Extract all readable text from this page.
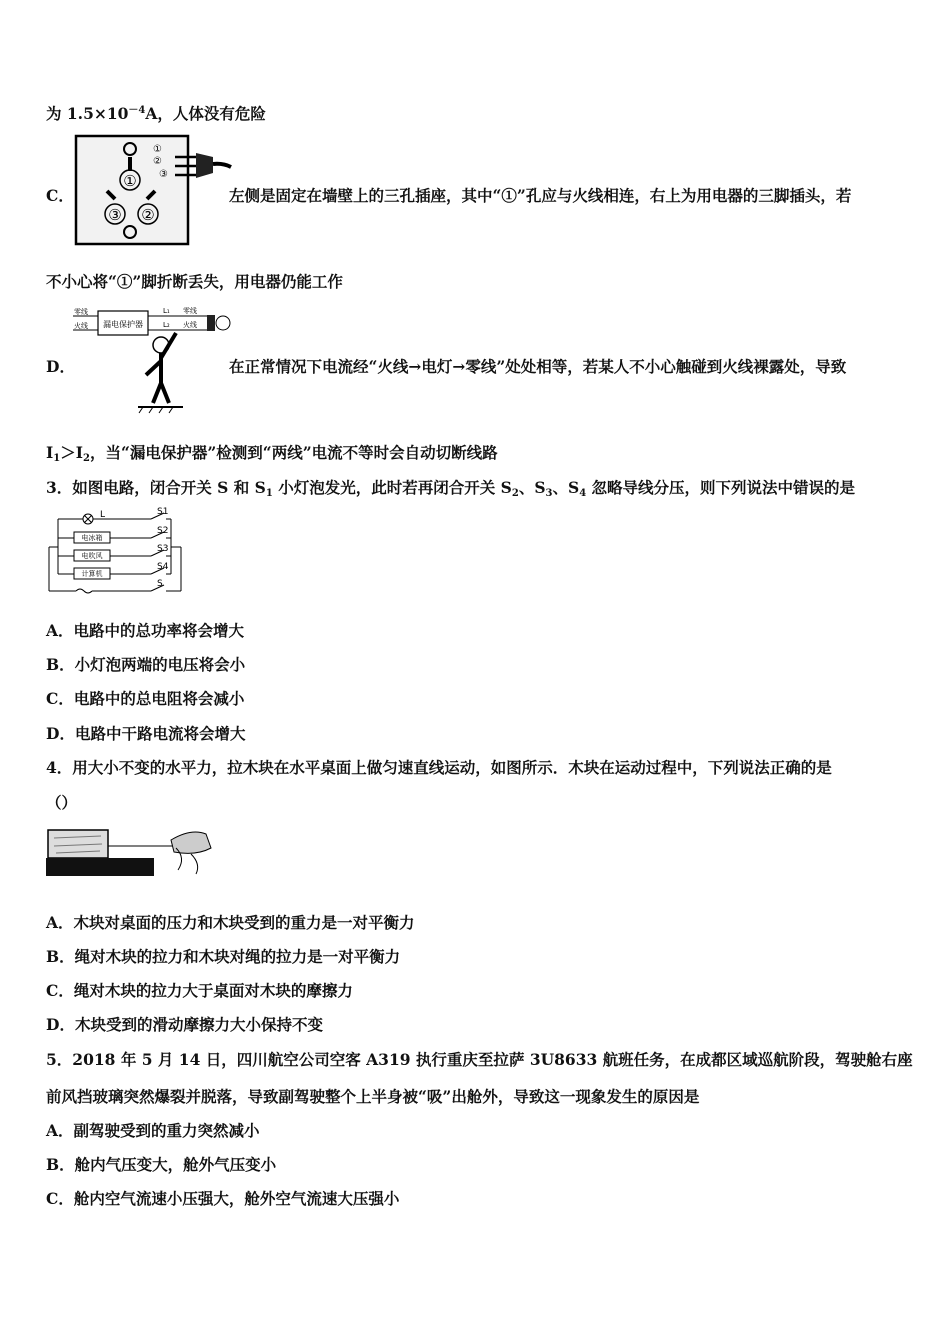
为 $1.5\times 10^{-4}A$，人体没有危险
C．
①
②
③
①
②
③
左侧是固定在墙壁上的三孔插座，其中“①”孔应与火线相连，右上为用电器的三脚插头，若
不小心将“①”脚折断丢失，用电器仍能工作
D．
零线
火线 漏电保护器
L₁
L₂
零线
火线
在正常情况下电流经“火线→电灯→零线”处处相等，若某人不小心触碰到火线裸露处，导致
$I_1>I_2$，当“漏电保护器”检测到“两线”电流不等时会自动切断线路
3．如图电路，闭合开关 S 和 $S_1$ 小灯泡发光，此时若再闭合开关 $S_2$、$S_3$、$S_4$ 忽略导线分压，则下列说法中错误的是
L
电冰箱
电吹风
计算机
S1
S2
S3
S4
S
A．电路中的总功率将会增大
B．小灯泡两端的电压将会小
C．电路中的总电阻将会减小
D．电路中干路电流将会增大
4．用大小不变的水平力，拉木块在水平桌面上做匀速直线运动，如图所示．木块在运动过程中，下列说法正确的是
（）
A．木块对桌面的压力和木块受到的重力是一对平衡力
B．绳对木块的拉力和木块对绳的拉力是一对平衡力
C．绳对木块的拉力大于桌面对木块的摩擦力
D．木块受到的滑动摩擦力大小保持不变
5．2018 年 5 月 14 日，四川航空公司空客 A319 执行重庆至拉萨 3U8633 航班任务，在成都区域巡航阶段，驾驶舱右座
前风挡玻璃突然爆裂并脱落，导致副驾驶整个上半身被“吸”出舱外，导致这一现象发生的原因是
A．副驾驶受到的重力突然减小
B．舱内气压变大，舱外气压变小
C．舱内空气流速小压强大，舱外空气流速大压强小
